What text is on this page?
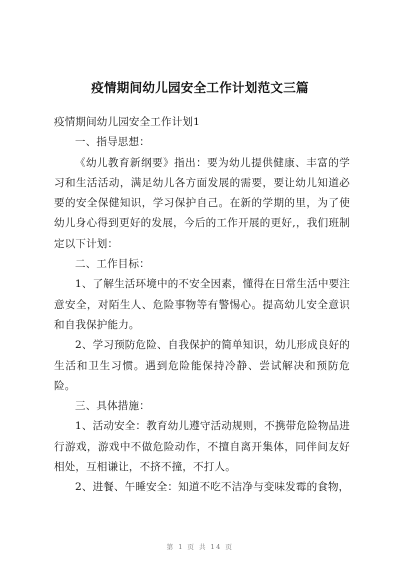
疫情期间幼儿园安全工作计划范文三篇

疫情期间幼儿园安全工作计划1

一、指导思想：

《幼儿教育新纲要》指出：要为幼儿提供健康、丰富的学习和生活活动，满足幼儿各方面发展的需要，要让幼儿知道必要的安全保健知识，学习保护自己。在新的学期的里，为了使幼儿身心得到更好的发展，今后的工作开展的更好,，我们班制定以下计划：

二、工作目标：

1、了解生活环境中的不安全因素，懂得在日常生活中要注意安全，对陌生人、危险事物等有警惕心。提高幼儿安全意识和自我保护能力。

2、学习预防危险、自我保护的简单知识，幼儿形成良好的生活和卫生习惯。遇到危险能保持冷静、尝试解决和预防危险。

三、具体措施：

1、活动安全：教育幼儿遵守活动规则，不携带危险物品进行游戏，游戏中不做危险动作，不擅自离开集体，同伴间友好相处，互相谦让，不挤不撞，不打人。

2、进餐、午睡安全：知道不吃不洁净与变味发霉的食物，

第 1 页 共 14 页
